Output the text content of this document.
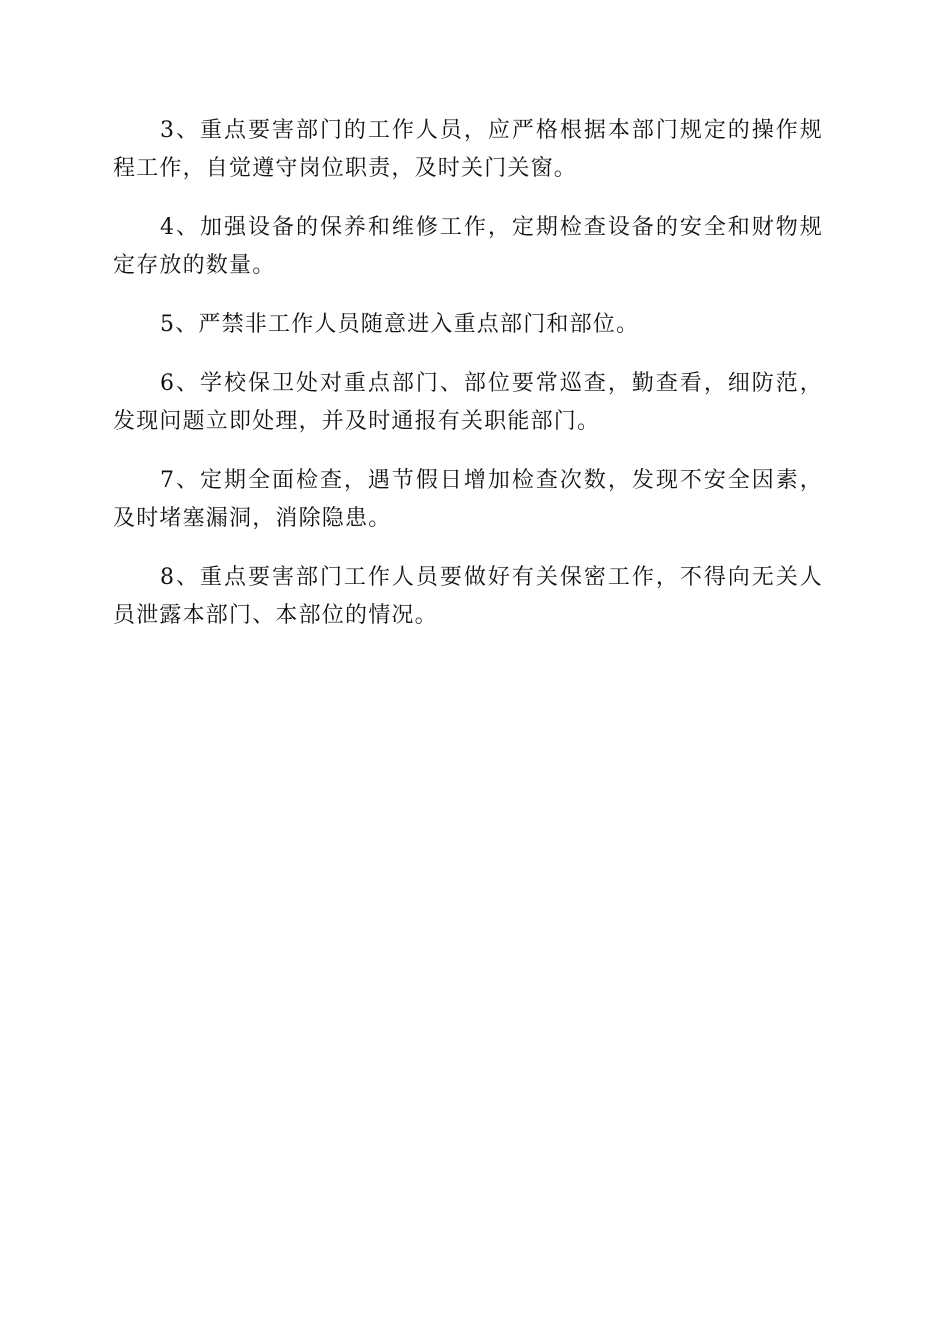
3、重点要害部门的工作人员，应严格根据本部门规定的操作规程工作，自觉遵守岗位职责，及时关门关窗。

4、加强设备的保养和维修工作，定期检查设备的安全和财物规定存放的数量。

5、严禁非工作人员随意进入重点部门和部位。

6、学校保卫处对重点部门、部位要常巡查，勤查看，细防范，发现问题立即处理，并及时通报有关职能部门。

7、定期全面检查，遇节假日增加检查次数，发现不安全因素，及时堵塞漏洞，消除隐患。

8、重点要害部门工作人员要做好有关保密工作，不得向无关人员泄露本部门、本部位的情况。
